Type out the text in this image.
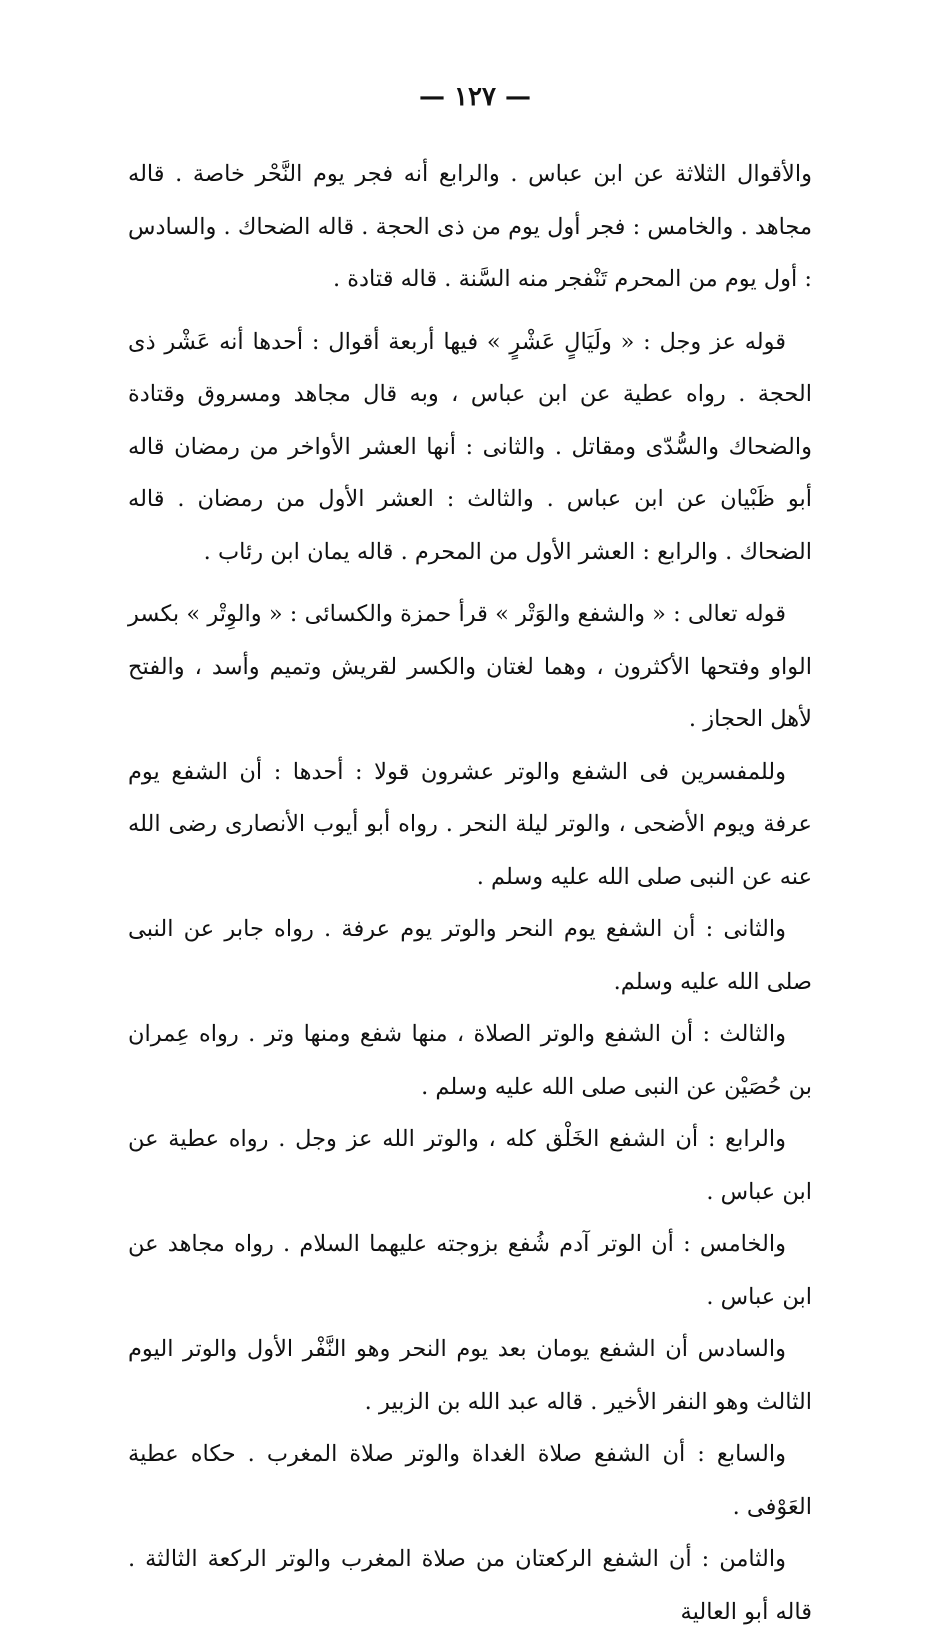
— ١٢٧ —

والأقوال الثلاثة عن ابن عباس . والرابع أنه فجر يوم النَّحْر خاصة . قاله مجاهد . والخامس : فجر أول يوم من ذى الحجة . قاله الضحاك . والسادس : أول يوم من المحرم تَنْفجر منه السَّنة . قاله قتادة .

قوله عز وجل : « ولَيَالٍ عَشْرٍ » فيها أربعة أقوال : أحدها أنه عَشْر ذى الحجة . رواه عطية عن ابن عباس ، وبه قال مجاهد ومسروق وقتادة والضحاك والسُّدّى ومقاتل . والثانى : أنها العشر الأواخر من رمضان قاله أبو ظَبْيان عن ابن عباس . والثالث : العشر الأول من رمضان . قاله الضحاك . والرابع : العشر الأول من المحرم . قاله يمان ابن رئاب .

قوله تعالى : « والشفع والوَتْر » قرأ حمزة والكسائى : « والوِتْر » بكسر الواو وفتحها الأكثرون ، وهما لغتان والكسر لقريش وتميم وأسد ، والفتح لأهل الحجاز .

وللمفسرين فى الشفع والوتر عشرون قولا : أحدها : أن الشفع يوم عرفة ويوم الأضحى ، والوتر ليلة النحر . رواه أبو أيوب الأنصارى رضى الله عنه عن النبى صلى الله عليه وسلم .

والثانى : أن الشفع يوم النحر والوتر يوم عرفة . رواه جابر عن النبى صلى الله عليه وسلم.

والثالث : أن الشفع والوتر الصلاة ، منها شفع ومنها وتر . رواه عِمران بن حُصَيْن عن النبى صلى الله عليه وسلم .

والرابع : أن الشفع الخَلْق كله ، والوتر الله عز وجل . رواه عطية عن ابن عباس .

والخامس : أن الوتر آدم شُفع بزوجته عليهما السلام . رواه مجاهد عن ابن عباس .

والسادس أن الشفع يومان بعد يوم النحر وهو النَّفْر الأول والوتر اليوم الثالث وهو النفر الأخير . قاله عبد الله بن الزبير .

والسابع : أن الشفع صلاة الغداة والوتر صلاة المغرب . حكاه عطية العَوْفى .

والثامن : أن الشفع الركعتان من صلاة المغرب والوتر الركعة الثالثة . قاله أبو العالية
